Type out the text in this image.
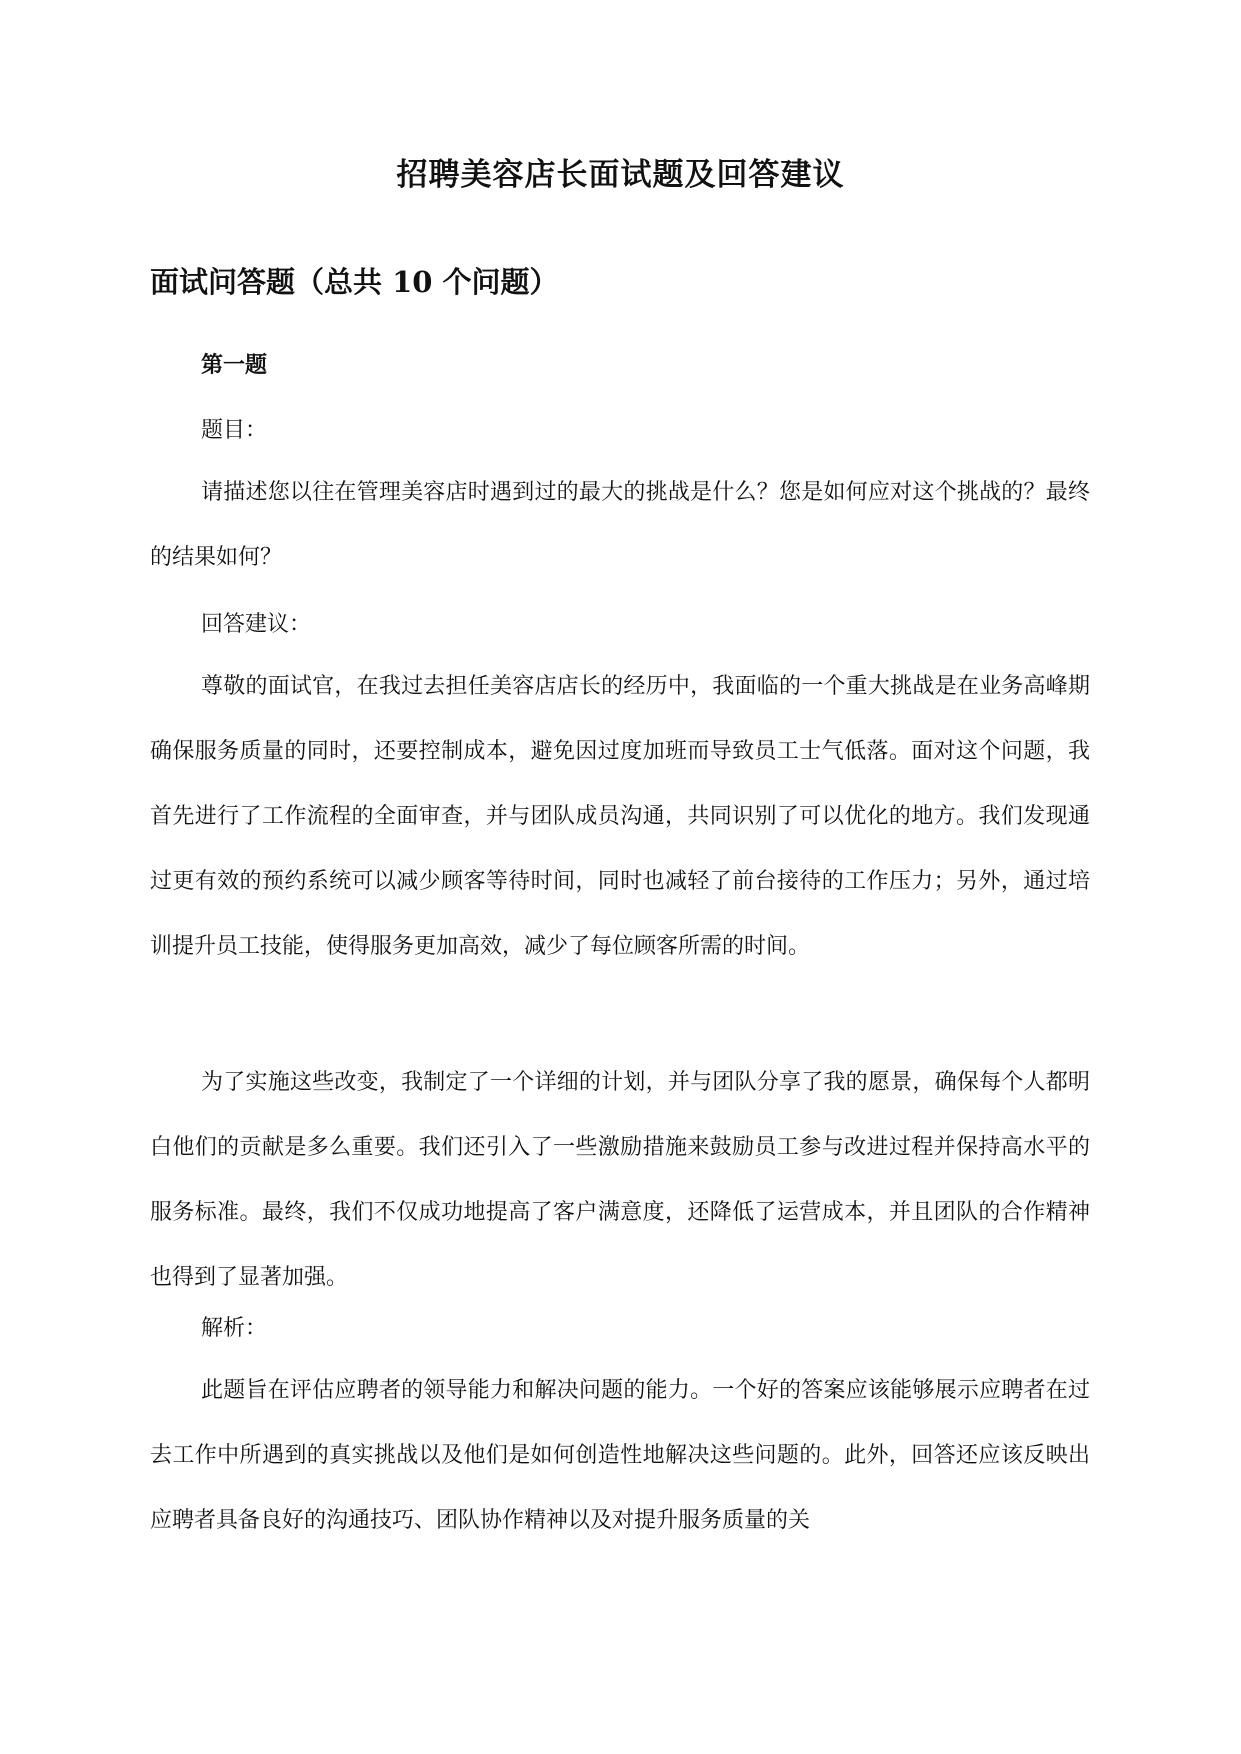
招聘美容店长面试题及回答建议
面试问答题（总共 10 个问题）
第一题

题目：

请描述您以往在管理美容店时遇到过的最大的挑战是什么？您是如何应对这个挑战的？最终的结果如何？

回答建议：

尊敬的面试官，在我过去担任美容店店长的经历中，我面临的一个重大挑战是在业务高峰期确保服务质量的同时，还要控制成本，避免因过度加班而导致员工士气低落。面对这个问题，我首先进行了工作流程的全面审查，并与团队成员沟通，共同识别了可以优化的地方。我们发现通过更有效的预约系统可以减少顾客等待时间，同时也减轻了前台接待的工作压力；另外，通过培训提升员工技能，使得服务更加高效，减少了每位顾客所需的时间。

为了实施这些改变，我制定了一个详细的计划，并与团队分享了我的愿景，确保每个人都明白他们的贡献是多么重要。我们还引入了一些激励措施来鼓励员工参与改进过程并保持高水平的服务标准。最终，我们不仅成功地提高了客户满意度，还降低了运营成本，并且团队的合作精神也得到了显著加强。

解析：

此题旨在评估应聘者的领导能力和解决问题的能力。一个好的答案应该能够展示应聘者在过去工作中所遇到的真实挑战以及他们是如何创造性地解决这些问题的。此外，回答还应该反映出应聘者具备良好的沟通技巧、团队协作精神以及对提升服务质量的关
